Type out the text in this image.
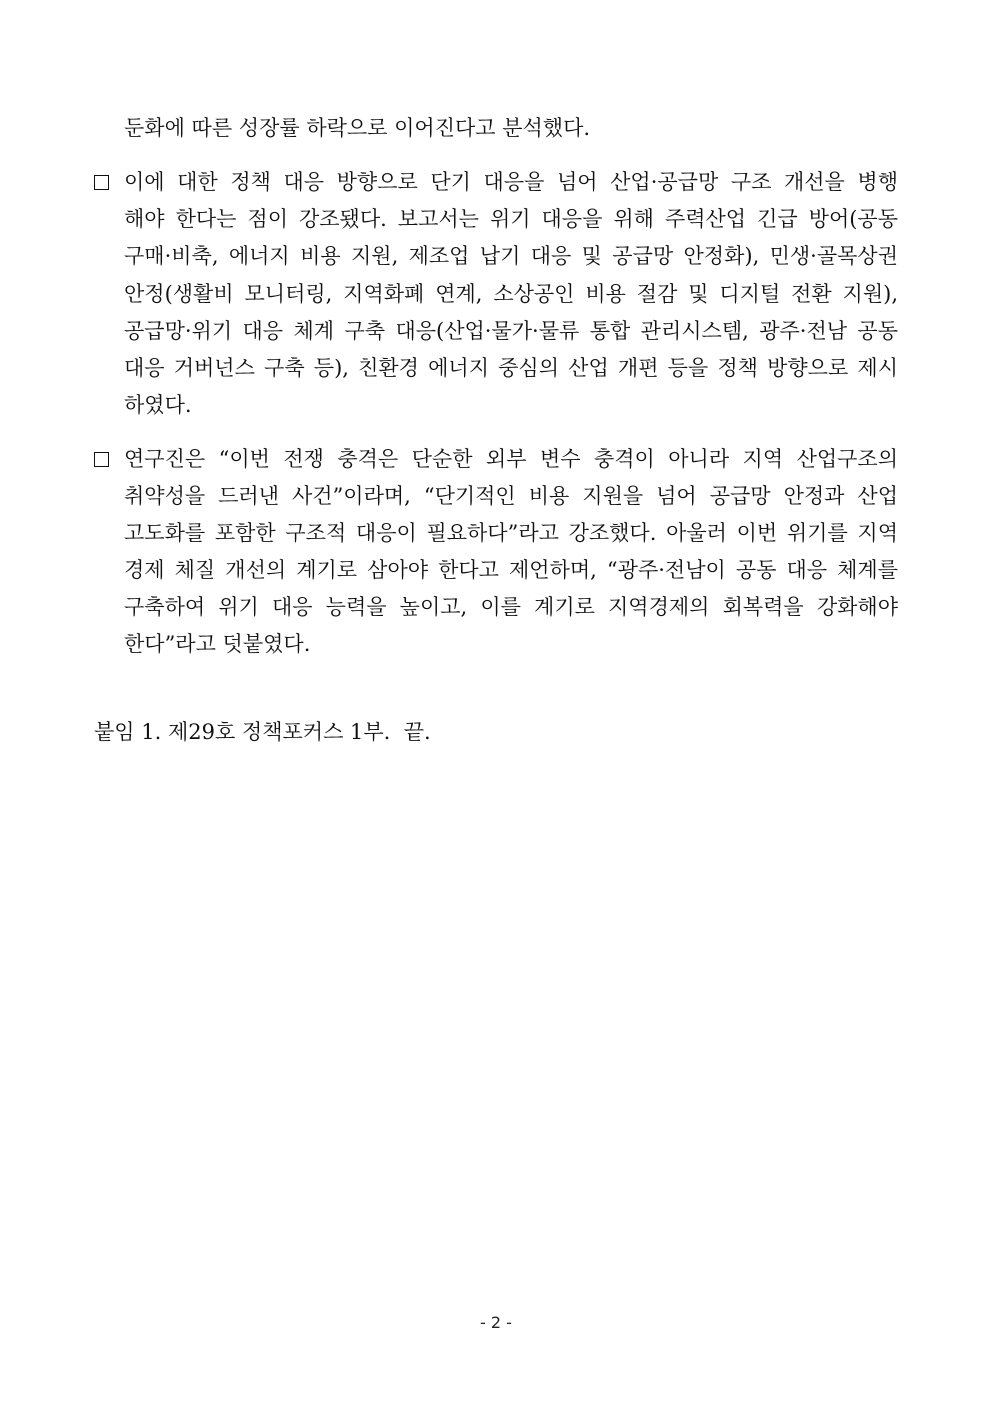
둔화에 따른 성장률 하락으로 이어진다고 분석했다.
이에 대한 정책 대응 방향으로 단기 대응을 넘어 산업·공급망 구조 개선을 병행
해야 한다는 점이 강조됐다. 보고서는 위기 대응을 위해 주력산업 긴급 방어(공동
구매·비축, 에너지 비용 지원, 제조업 납기 대응 및 공급망 안정화), 민생·골목상권
안정(생활비 모니터링, 지역화폐 연계, 소상공인 비용 절감 및 디지털 전환 지원),
공급망·위기 대응 체계 구축 대응(산업·물가·물류 통합 관리시스템, 광주·전남 공동
대응 거버넌스 구축 등), 친환경 에너지 중심의 산업 개편 등을 정책 방향으로 제시
하였다.
연구진은 “이번 전쟁 충격은 단순한 외부 변수 충격이 아니라 지역 산업구조의
취약성을 드러낸 사건”이라며, “단기적인 비용 지원을 넘어 공급망 안정과 산업
고도화를 포함한 구조적 대응이 필요하다”라고 강조했다. 아울러 이번 위기를 지역
경제 체질 개선의 계기로 삼아야 한다고 제언하며, “광주·전남이 공동 대응 체계를
구축하여 위기 대응 능력을 높이고, 이를 계기로 지역경제의 회복력을 강화해야
한다”라고 덧붙였다.
붙임 1. 제29호 정책포커스 1부.  끝.
- 2 -
